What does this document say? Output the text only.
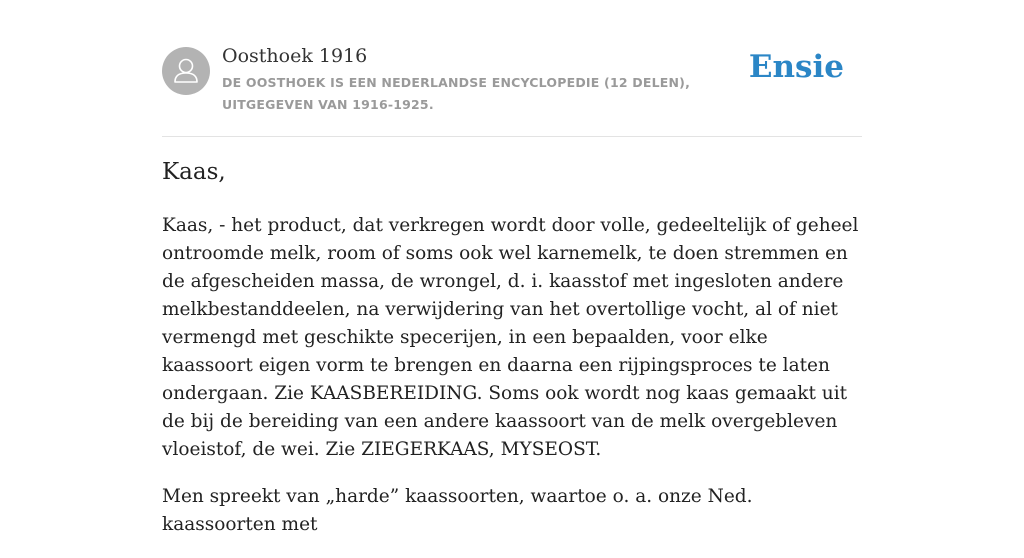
Oosthoek 1916
DE OOSTHOEK IS EEN NEDERLANDSE ENCYCLOPEDIE (12 DELEN), UITGEGEVEN VAN 1916-1925.
Ensie
Kaas,

Kaas, - het product, dat verkregen wordt door volle, gedeeltelijk of geheel ontroomde melk, room of soms ook wel karnemelk, te doen stremmen en de afgescheiden massa, de wrongel, d. i. kaasstof met ingesloten andere melkbestanddeelen, na verwijdering van het overtollige vocht, al of niet vermengd met geschikte specerijen, in een bepaalden, voor elke kaassoort eigen vorm te brengen en daarna een rijpingsproces te laten ondergaan. Zie KAASBEREIDING. Soms ook wordt nog kaas gemaakt uit de bij de bereiding van een andere kaassoort van de melk overgebleven vloeistof, de wei. Zie ZIEGERKAAS, MYSEOST.

Men spreekt van „harde” kaassoorten, waartoe o. a. onze Ned. kaassoorten met
